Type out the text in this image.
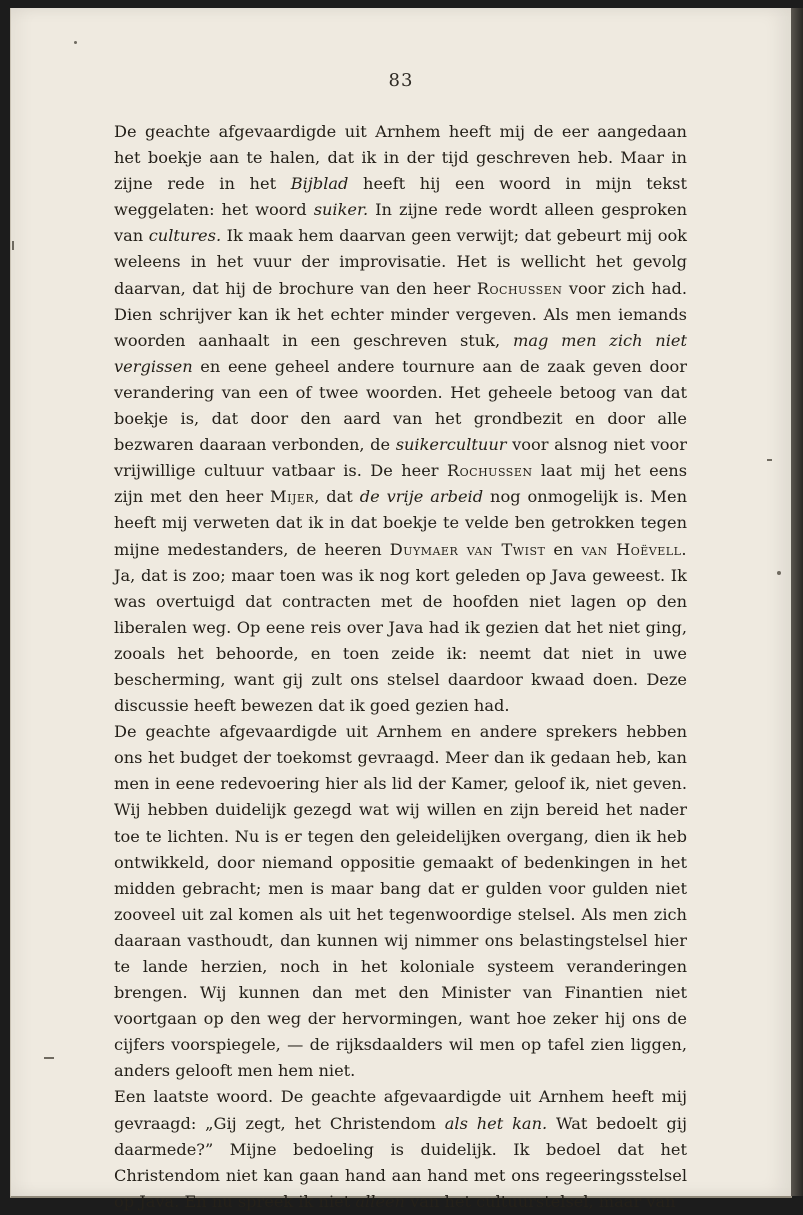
83

De geachte afgevaardigde uit Arnhem heeft mij de eer aangedaan het boekje aan te halen, dat ik in der tijd geschreven heb. Maar in zijne rede in het Bijblad heeft hij een woord in mijn tekst weggelaten: het woord suiker. In zijne rede wordt alleen gesproken van cultures. Ik maak hem daarvan geen verwijt; dat gebeurt mij ook weleens in het vuur der improvisatie. Het is wellicht het gevolg daarvan, dat hij de brochure van den heer Rochussen voor zich had. Dien schrijver kan ik het echter minder vergeven. Als men iemands woorden aanhaalt in een geschreven stuk, mag men zich niet vergissen en eene geheel andere tournure aan de zaak geven door verandering van een of twee woorden. Het geheele betoog van dat boekje is, dat door den aard van het grondbezit en door alle bezwaren daaraan verbonden, de suikercultuur voor alsnog niet voor vrijwillige cultuur vatbaar is. De heer Rochussen laat mij het eens zijn met den heer Mijer, dat de vrije arbeid nog onmogelijk is. Men heeft mij verweten dat ik in dat boekje te velde ben getrokken tegen mijne medestanders, de heeren Duymaer van Twist en van Hoëvell. Ja, dat is zoo; maar toen was ik nog kort geleden op Java geweest. Ik was overtuigd dat contracten met de hoofden niet lagen op den liberalen weg. Op eene reis over Java had ik gezien dat het niet ging, zooals het behoorde, en toen zeide ik: neemt dat niet in uwe bescherming, want gij zult ons stelsel daardoor kwaad doen. Deze discussie heeft bewezen dat ik goed gezien had.

De geachte afgevaardigde uit Arnhem en andere sprekers hebben ons het budget der toekomst gevraagd. Meer dan ik gedaan heb, kan men in eene redevoering hier als lid der Kamer, geloof ik, niet geven. Wij hebben duidelijk gezegd wat wij willen en zijn bereid het nader toe te lichten. Nu is er tegen den geleidelijken overgang, dien ik heb ontwikkeld, door niemand oppositie gemaakt of bedenkingen in het midden gebracht; men is maar bang dat er gulden voor gulden niet zooveel uit zal komen als uit het tegenwoordige stelsel. Als men zich daaraan vasthoudt, dan kunnen wij nimmer ons belastingstelsel hier te lande herzien, noch in het koloniale systeem veranderingen brengen. Wij kunnen dan met den Minister van Finantien niet voortgaan op den weg der hervormingen, want hoe zeker hij ons de cijfers voorspiegele, — de rijksdaalders wil men op tafel zien liggen, anders gelooft men hem niet.

Een laatste woord. De geachte afgevaardigde uit Arnhem heeft mij gevraagd: „Gij zegt, het Christendom als het kan. Wat bedoelt gij daarmede?” Mijne bedoeling is duidelijk. Ik bedoel dat het Christendom niet kan gaan hand aan hand met ons regeeringsstelsel op Java. En nu spreek ik niet alleen van het cultuurstelsel, maar van
